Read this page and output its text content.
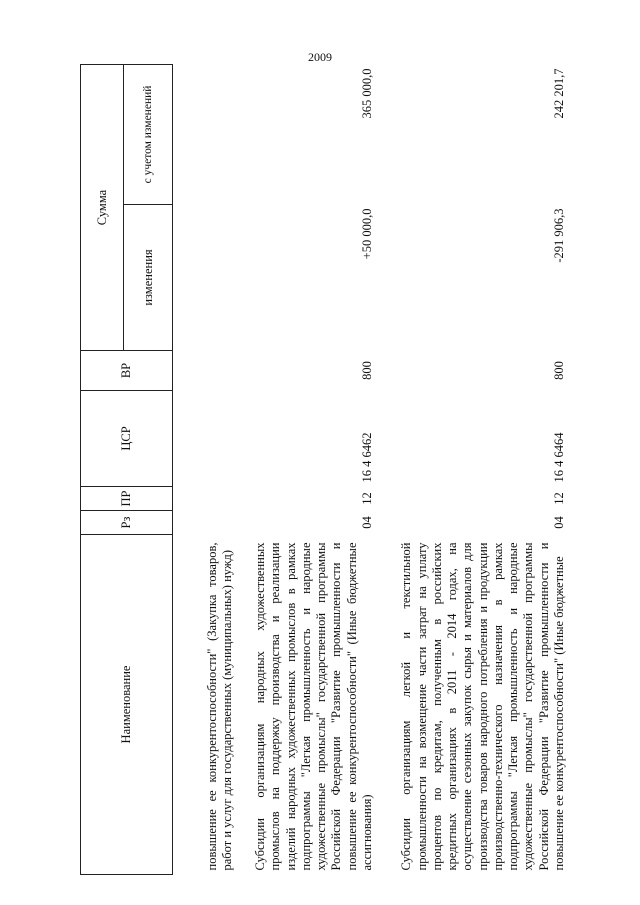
2009
Наименование	Рз	ПР	ЦСР	ВР	Сумма	
					изменения	с учетом изменений
повышение ее конкурентоспособности" (Закупка товаров, работ и услуг для государственных (муниципальных) нужд)						
Субсидии организациям народных художественных промыслов на поддержку производства и реализации изделий народных художественных промыслов в рамках подпрограммы "Легкая промышленность и народные художественные промыслы" государственной программы Российской Федерации "Развитие промышленности и повышение ее конкурентоспособности" (Иные бюджетные ассигнования)	04	12	16 4 6462	800	+50 000,0	365 000,0
Субсидии организациям легкой и текстильной промышленности на возмещение части затрат на уплату процентов по кредитам, полученным в российских кредитных организациях в 2011 - 2014 годах, на осуществление сезонных закупок сырья и материалов для производства товаров народного потребления и продукции производственно-технического назначения в рамках подпрограммы "Легкая промышленность и народные художественные промыслы" государственной программы Российской Федерации "Развитие промышленности и повышение ее конкурентоспособности" (Иные бюджетные	04	12	16 4 6464	800	-291 906,3	242 201,7
